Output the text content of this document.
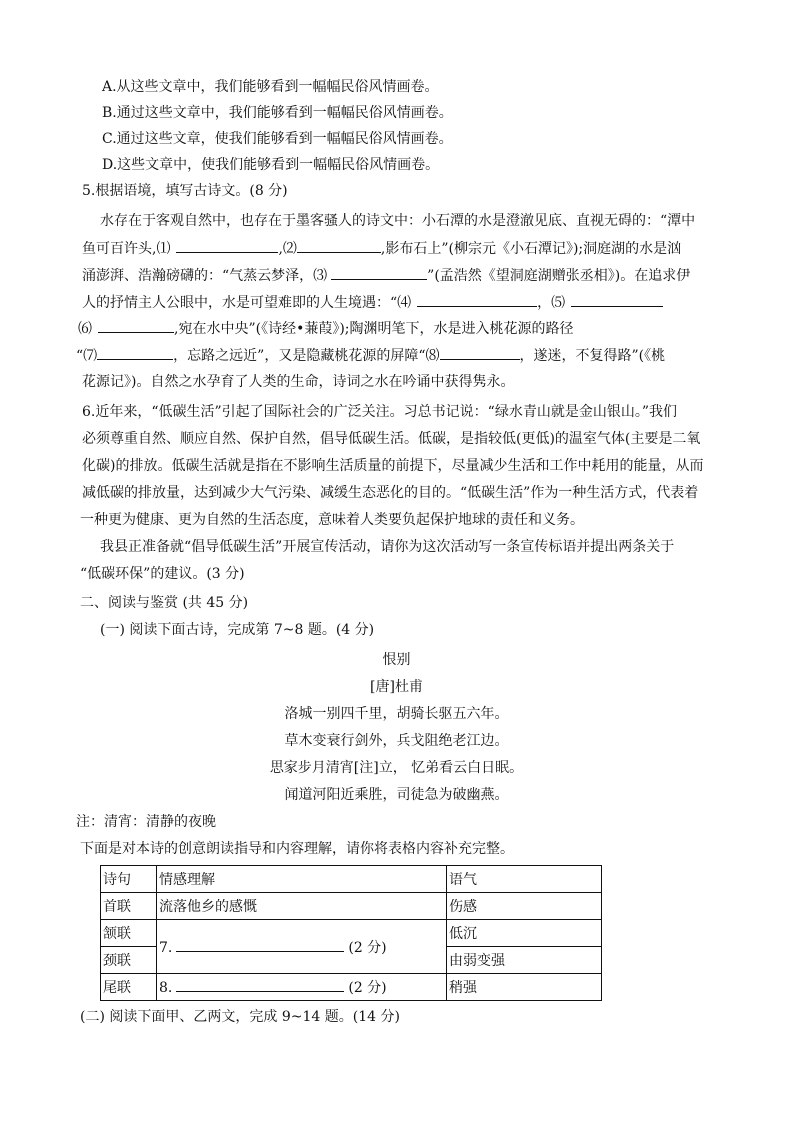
A.从这些文章中，我们能够看到一幅幅民俗风情画卷。
B.通过这些文章中，我们能够看到一幅幅民俗风情画卷。
C.通过这些文章，使我们能够看到一幅幅民俗风情画卷。
D.这些文章中，使我们能够看到一幅幅民俗风情画卷。
5.根据语境，填写古诗文。(8 分)
水存在于客观自然中，也存在于墨客骚人的诗文中：小石潭的水是澄澈见底、直视无碍的：“潭中
鱼可百许头,⑴	,⑵	,影布石上”(柳宗元《小石潭记》);洞庭湖的水是汹
涌澎湃、浩瀚磅礴的：“气蒸云梦泽，⑶	”(孟浩然《望洞庭湖赠张丞相》)。在追求伊
人的抒情主人公眼中，水是可望难即的人生境遇：“⑷	，⑸
⑹	,宛在水中央”(《诗经•蒹葭》);陶渊明笔下，水是进入桃花源的路径
“⑺	，忘路之远近”，又是隐藏桃花源的屏障“⑻	，遂迷，不复得路”(《桃
花源记》)。自然之水孕育了人类的生命，诗词之水在吟诵中获得隽永。
6.近年来，“低碳生活”引起了国际社会的广泛关注。习总书记说：“绿水青山就是金山银山。”我们
必须尊重自然、顺应自然、保护自然，倡导低碳生活。低碳，是指较低(更低)的温室气体(主要是二氧
化碳)的排放。低碳生活就是指在不影响生活质量的前提下，尽量减少生活和工作中耗用的能量，从而
减低碳的排放量，达到减少大气污染、减缓生态恶化的目的。“低碳生活”作为一种生活方式，代表着
一种更为健康、更为自然的生活态度，意味着人类要负起保护地球的责任和义务。
我县正准备就“倡导低碳生活”开展宣传活动，请你为这次活动写一条宣传标语并提出两条关于
“低碳环保”的建议。(3 分)
二、阅读与鉴赏 (共 45 分)
(一) 阅读下面古诗，完成第 7~8 题。(4 分)
恨别
[唐]杜甫
洛城一别四千里，胡骑长驱五六年。
草木变衰行剑外，兵戈阻绝老江边。
思家步月清宵[注]立， 忆弟看云白日眠。
闻道河阳近乘胜，司徒急为破幽燕。
注：清宵：清静的夜晚
下面是对本诗的创意朗读指导和内容理解，请你将表格内容补充完整。
诗句	情感理解	语气
首联	流落他乡的感慨	伤感
颔联	7. (2 分)	低沉
颈联		由弱变强
尾联	8. (2 分)	稍强
(二) 阅读下面甲、乙两文，完成 9~14 题。(14 分)
